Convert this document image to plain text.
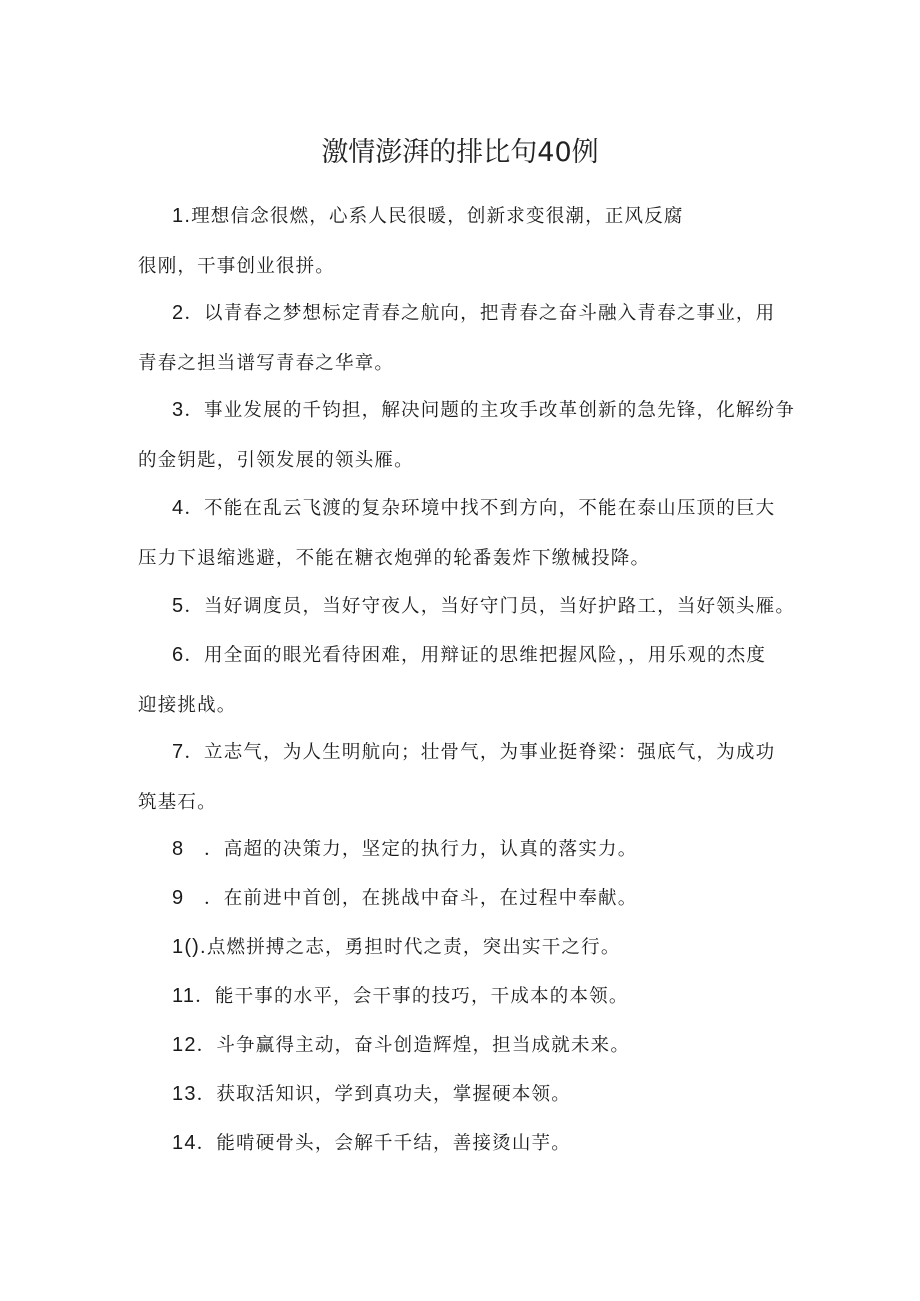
激情澎湃的排比句40例
1.理想信念很燃，心系人民很暖，创新求变很潮，正风反腐
很刚，干事创业很拼。
2．以青春之梦想标定青春之航向，把青春之奋斗融入青春之事业，用
青春之担当谱写青春之华章。
3．事业发展的千钧担，解决问题的主攻手改革创新的急先锋，化解纷争
的金钥匙，引领发展的领头雁。
4．不能在乱云飞渡的复杂环境中找不到方向，不能在泰山压顶的巨大
压力下退缩逃避，不能在糖衣炮弹的轮番轰炸下缴械投降。
5．当好调度员，当好守夜人，当好守门员，当好护路工，当好领头雁。
6．用全面的眼光看待困难，用辩证的思维把握风险，，用乐观的杰度
迎接挑战。
7．立志气，为人生明航向；壮骨气，为事业挺脊梁：强底气，为成功
筑基石。
8　．高超的决策力，坚定的执行力，认真的落实力。
9　．在前进中首创，在挑战中奋斗，在过程中奉献。
1().点燃拼搏之志，勇担时代之责，突出实干之行。
11．能干事的水平，会干事的技巧，干成本的本领。
12．斗争赢得主动，奋斗创造辉煌，担当成就未来。
13．获取活知识，学到真功夫，掌握硬本领。
14．能啃硬骨头，会解千千结，善接烫山芋。
